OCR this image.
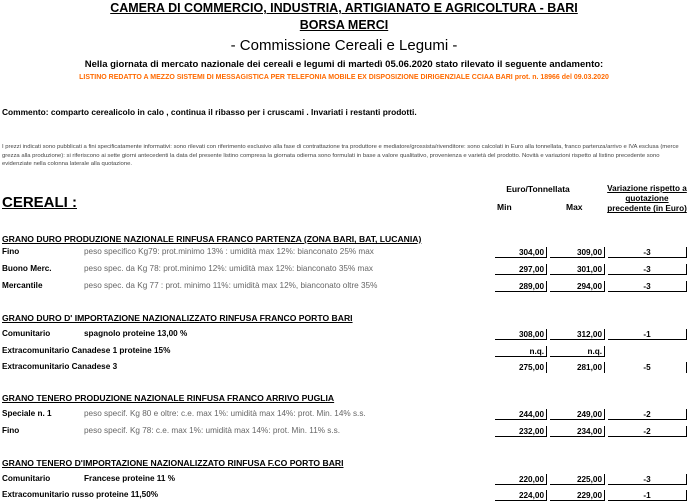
CAMERA DI COMMERCIO, INDUSTRIA, ARTIGIANATO E AGRICOLTURA - BARI
BORSA MERCI
- Commissione Cereali e Legumi -
Nella giornata di mercato nazionale dei cereali e legumi di martedì 05.06.2020 stato rilevato il seguente andamento:
LISTINO REDATTO A MEZZO SISTEMI DI MESSAGISTICA PER TELEFONIA MOBILE EX DISPOSIZIONE DIRIGENZIALE CCIAA BARI prot. n. 18966 del 09.03.2020
Commento: comparto cerealicolo in calo , continua il ribasso per i cruscami . Invariati i restanti prodotti.
I prezzi indicati sono pubblicati a fini specificatamente informativi: sono rilevati con riferimento esclusivo alla fase di contrattazione tra produttore e mediatore/grossista/rivenditore: sono calcolati in Euro alla tonnellata, franco partenza/arrivo e IVA esclusa (merce grezza alla produzione): si riferiscono ai sette giorni antecedenti la data del presente listino compresa la giornata odierna sono formulati in base a valore qualitativo, provenienza e varietà del prodotto. Novità e variazioni rispetto al listino precedente sono evidenziate nella colonna laterale alla quotazione.
CEREALI :
Euro/Tonnellata
Min	Max
Variazione rispetto a quotazione precedente (in Euro)
GRANO DURO PRODUZIONE NAZIONALE RINFUSA FRANCO PARTENZA (ZONA BARI, BAT, LUCANIA)
Fino	peso specifico Kg79: prot.minimo 13% : umidità max 12%: bianconato 25% max	304,00	309,00	-3
Buono Merc.	peso spec. da Kg 78: prot.minimo 12%: umidità max 12%: bianconato 35% max	297,00	301,00	-3
Mercantile	peso spec. da Kg 77 : prot. minimo 11%: umidità max 12%, bianconato oltre 35%	289,00	294,00	-3
GRANO DURO D' IMPORTAZIONE NAZIONALIZZATO RINFUSA FRANCO PORTO BARI
Comunitario	spagnolo proteine 13,00 %	308,00	312,00	-1
Extracomunitario Canadese 1 proteine 15%	n.q.	n.q.
Extracomunitario Canadese 3	275,00	281,00	-5
GRANO TENERO PRODUZIONE NAZIONALE RINFUSA FRANCO ARRIVO PUGLIA
Speciale n. 1	peso specif. Kg 80 e oltre: c.e. max 1%: umidità max 14%: prot. Min. 14% s.s.	244,00	249,00	-2
Fino	peso specif. Kg 78: c.e. max 1%: umidità max 14%: prot. Min. 11% s.s.	232,00	234,00	-2
GRANO TENERO D'IMPORTAZIONE NAZIONALIZZATO RINFUSA F.CO PORTO BARI
Comunitario	Francese proteine 11 %	220,00	225,00	-3
Extracomunitario russo proteine 11,50%	224,00	229,00	-1
